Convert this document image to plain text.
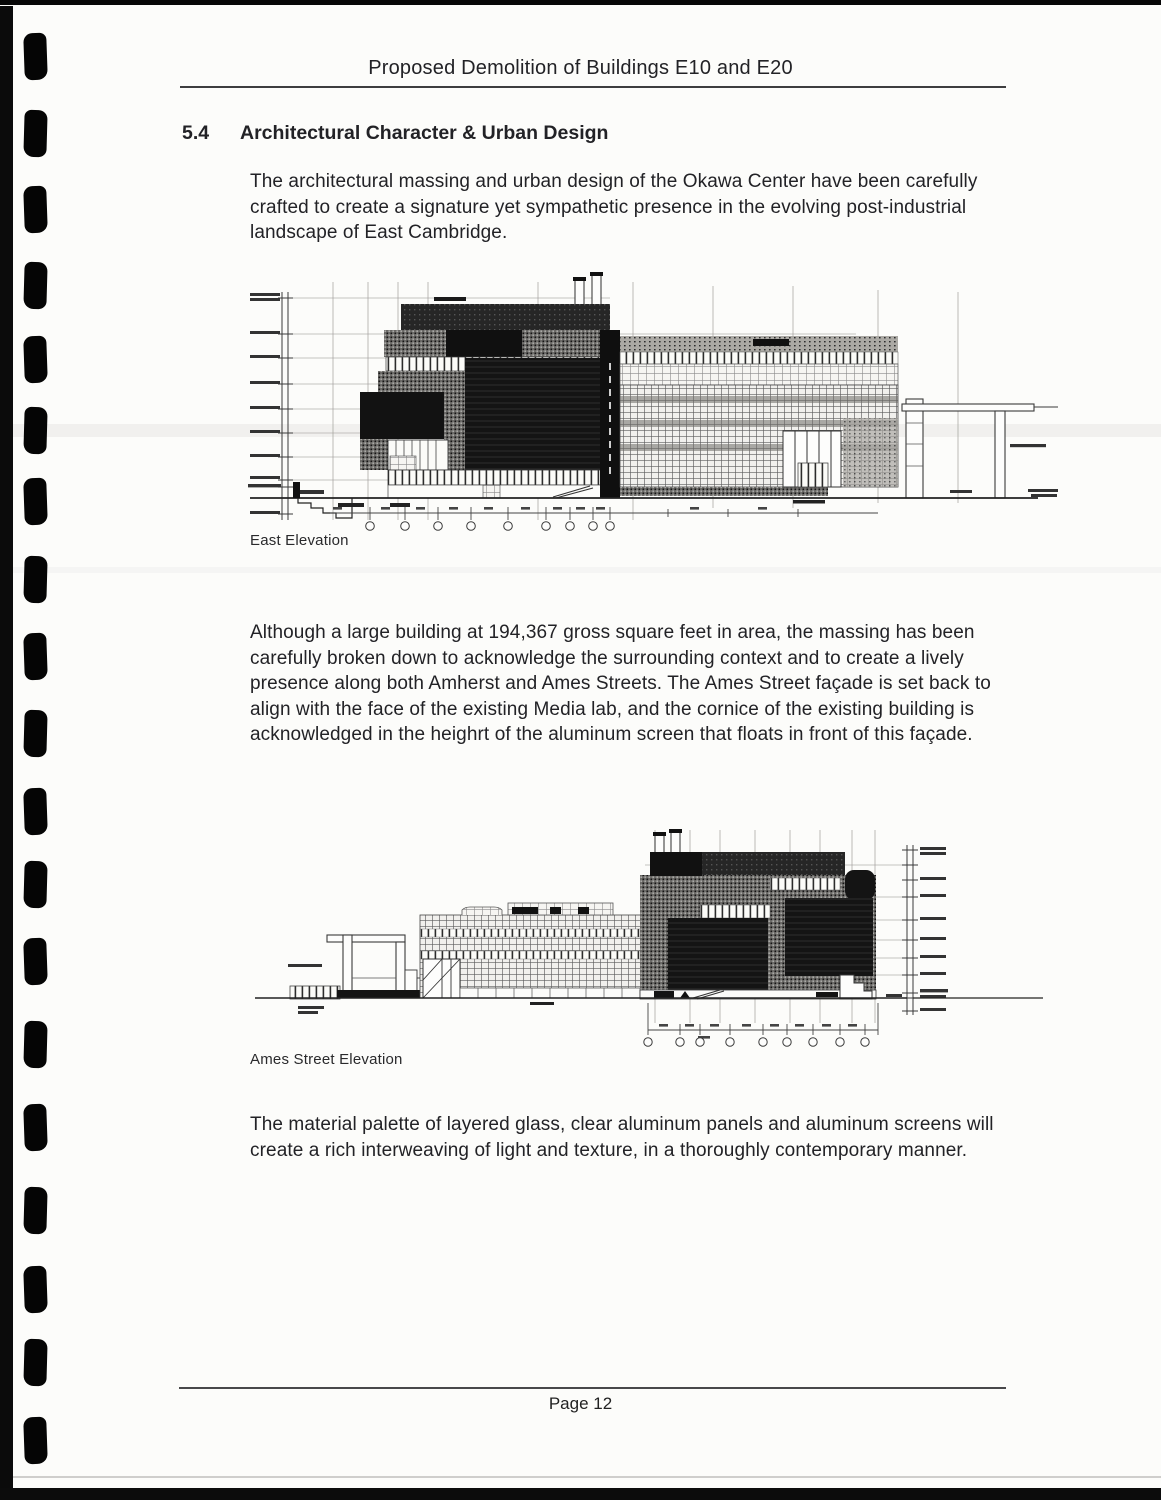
Proposed Demolition of Buildings E10 and E20
5.4 Architectural Character & Urban Design
The architectural massing and urban design of the Okawa Center have been carefully crafted to create a signature yet sympathetic presence in the evolving post-industrial landscape of East Cambridge.
East Elevation
Although a large building at 194,367 gross square feet in area, the massing has been carefully broken down to acknowledge the surrounding context and to create a lively presence along both Amherst and Ames Streets. The Ames Street façade is set back to align with the face of the existing Media lab, and the cornice of the existing building is acknowledged in the heighrt of the aluminum screen that floats in front of this façade.
Ames Street Elevation
The material palette of layered glass, clear aluminum panels and aluminum screens will create a rich interweaving of light and texture, in a thoroughly contemporary manner.
Page 12
